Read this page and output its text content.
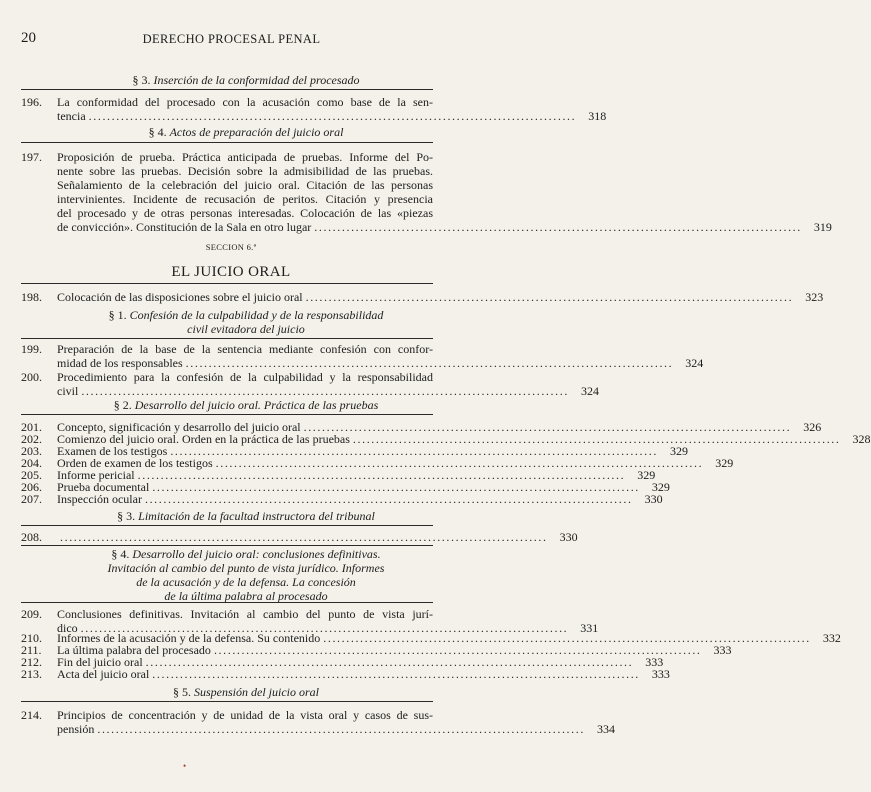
20	DERECHO PROCESAL PENAL
§ 3. Inserción de la conformidad del procesado
196.	La conformidad del procesado con la acusación como base de la sen-
tencia ..........................................................................................................	318
§ 4. Actos de preparación del juicio oral
197.	Proposición de prueba. Práctica anticipada de pruebas. Informe del Po-
nente sobre las pruebas. Decisión sobre la admisibilidad de las pruebas.
Señalamiento de la celebración del juicio oral. Citación de las personas
intervinientes. Incidente de recusación de peritos. Citación y presencia
del procesado y de otras personas interesadas. Colocación de las «piezas
de convicción». Constitución de la Sala en otro lugar ..........................................................................................................	319
SECCION 6.ª
EL JUICIO ORAL
198.	Colocación de las disposiciones sobre el juicio oral ..........................................................................................................	323
§ 1. Confesión de la culpabilidad y de la responsabilidad
civil evitadora del juicio
199.	Preparación de la base de la sentencia mediante confesión con confor-
midad de los responsables ..........................................................................................................	324
200.	Procedimiento para la confesión de la culpabilidad y la responsabilidad
civil ..........................................................................................................	324
§ 2. Desarrollo del juicio oral. Práctica de las pruebas
201.	Concepto, significación y desarrollo del juicio oral ..........................................................................................................	326
202.	Comienzo del juicio oral. Orden en la práctica de las pruebas ..........................................................................................................	328
203.	Examen de los testigos ..........................................................................................................	329
204.	Orden de examen de los testigos ..........................................................................................................	329
205.	Informe pericial ..........................................................................................................	329
206.	Prueba documental ..........................................................................................................	329
207.	Inspección ocular ..........................................................................................................	330
§ 3. Limitación de la facultad instructora del tribunal
208.	..........................................................................................................	330
§ 4. Desarrollo del juicio oral: conclusiones definitivas.
Invitación al cambio del punto de vista jurídico. Informes
de la acusación y de la defensa. La concesión
de la última palabra al procesado
209.	Conclusiones definitivas. Invitación al cambio del punto de vista jurí-
dico ..........................................................................................................	331
210.	Informes de la acusación y de la defensa. Su contenido ..........................................................................................................	332
211.	La última palabra del procesado ..........................................................................................................	333
212.	Fin del juicio oral ..........................................................................................................	333
213.	Acta del juicio oral ..........................................................................................................	333
§ 5. Suspensión del juicio oral
214.	Principios de concentración y de unidad de la vista oral y casos de sus-
pensión ..........................................................................................................	334
•
